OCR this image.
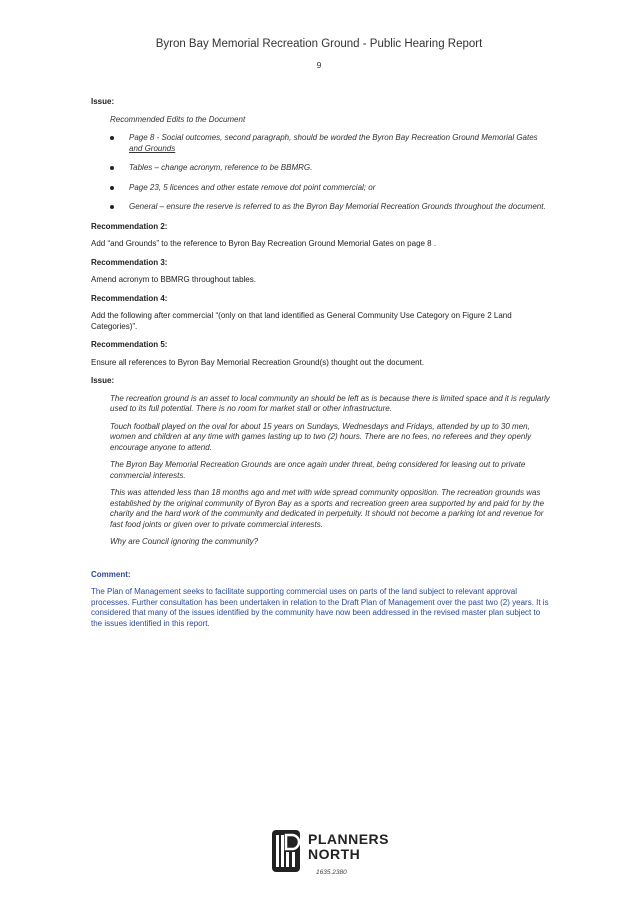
Byron Bay Memorial Recreation Ground - Public Hearing Report
9
Issue:
Recommended Edits to the Document
Page 8 - Social outcomes, second paragraph, should be worded the Byron Bay Recreation Ground Memorial Gates and Grounds
Tables – change acronym, reference to be BBMRG.
Page 23, 5 licences and other estate remove dot point commercial; or
General – ensure the reserve is referred to as the Byron Bay Memorial Recreation Grounds throughout the document.
Recommendation 2:
Add “and Grounds” to the reference to Byron Bay Recreation Ground Memorial Gates on page 8 .
Recommendation 3:
Amend acronym to BBMRG throughout tables.
Recommendation 4:
Add the following after commercial “(only on that land identified as General Community Use Category on Figure 2 Land Categories)”.
Recommendation 5:
Ensure all references to Byron Bay Memorial Recreation Ground(s) thought out the document.
Issue:
The recreation ground is an asset to local community an should be left as is because there is limited space and it is regularly used to its full potential. There is no room for market stall or other infrastructure.
Touch football played on the oval for about 15 years on Sundays, Wednesdays and Fridays, attended by up to 30 men, women and children at any time with games lasting up to two (2) hours. There are no fees, no referees and they openly encourage anyone to attend.
The Byron Bay Memorial Recreation Grounds are once again under threat, being considered for leasing out to private commercial interests.
This was attended less than 18 months ago and met with wide spread community opposition. The recreation grounds was established by the original community of Byron Bay as a sports and recreation green area supported by and paid for by the charity and the hard work of the community and dedicated in perpetuity. It should not become a parking lot and revenue for fast food joints or given over to private commercial interests.
Why are Council ignoring the community?
Comment:
The Plan of Management seeks to facilitate supporting commercial uses on parts of the land subject to relevant approval processes. Further consultation has been undertaken in relation to the Draft Plan of Management over the past two (2) years. It is considered that many of the issues identified by the community have now been addressed in the revised master plan subject to the issues identified in this report.
PLANNERS
NORTH
1635.2380
